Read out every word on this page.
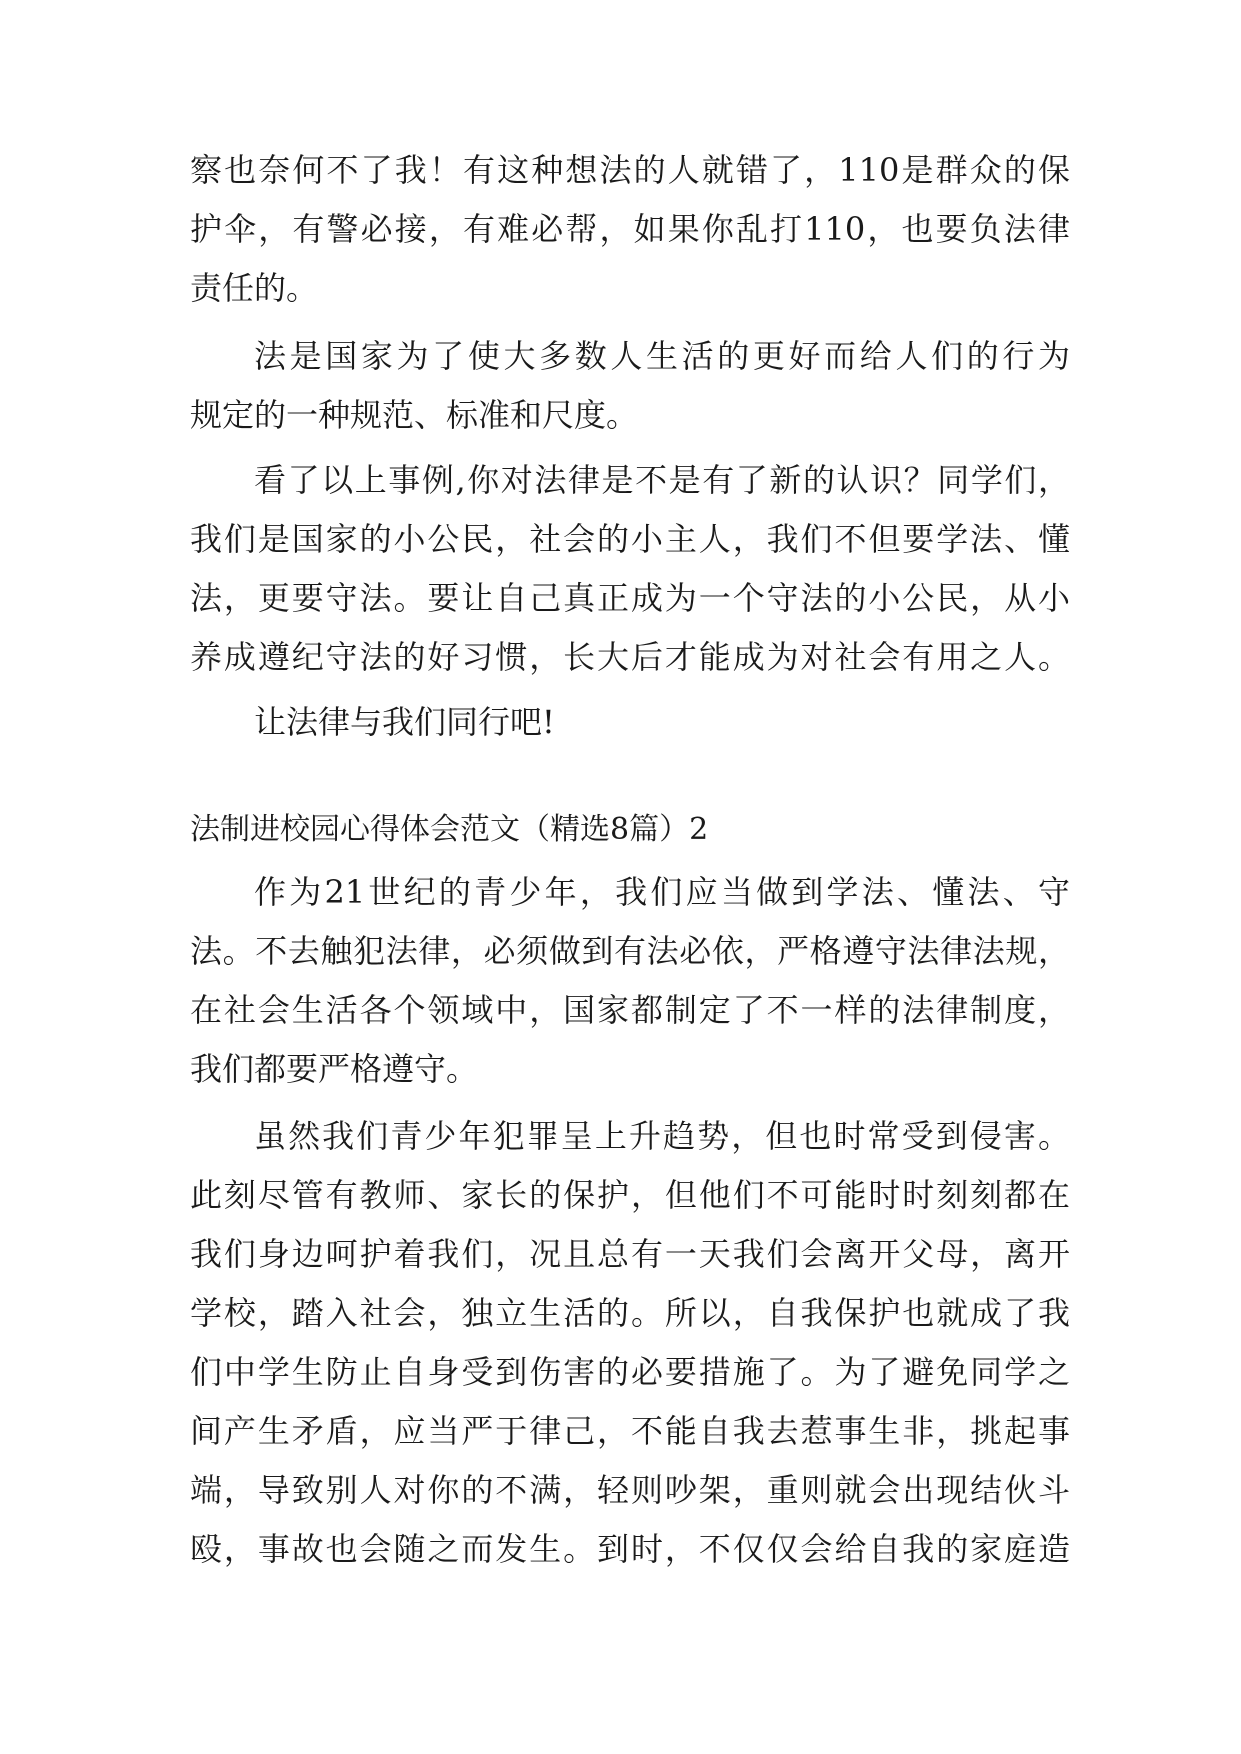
察也奈何不了我！有这种想法的人就错了，110是群众的保
护伞，有警必接，有难必帮，如果你乱打110，也要负法律
责任的。
法是国家为了使大多数人生活的更好而给人们的行为
规定的一种规范、标准和尺度。
看了以上事例,你对法律是不是有了新的认识？同学们，
我们是国家的小公民，社会的小主人，我们不但要学法、懂
法，更要守法。要让自己真正成为一个守法的小公民，从小
养成遵纪守法的好习惯，长大后才能成为对社会有用之人。
让法律与我们同行吧!
法制进校园心得体会范文（精选8篇）2
作为21世纪的青少年，我们应当做到学法、懂法、守
法。不去触犯法律，必须做到有法必依，严格遵守法律法规，
在社会生活各个领域中，国家都制定了不一样的法律制度，
我们都要严格遵守。
虽然我们青少年犯罪呈上升趋势，但也时常受到侵害。
此刻尽管有教师、家长的保护，但他们不可能时时刻刻都在
我们身边呵护着我们，况且总有一天我们会离开父母，离开
学校，踏入社会，独立生活的。所以，自我保护也就成了我
们中学生防止自身受到伤害的必要措施了。为了避免同学之
间产生矛盾，应当严于律己，不能自我去惹事生非，挑起事
端，导致别人对你的不满，轻则吵架，重则就会出现结伙斗
殴，事故也会随之而发生。到时，不仅仅会给自我的家庭造
